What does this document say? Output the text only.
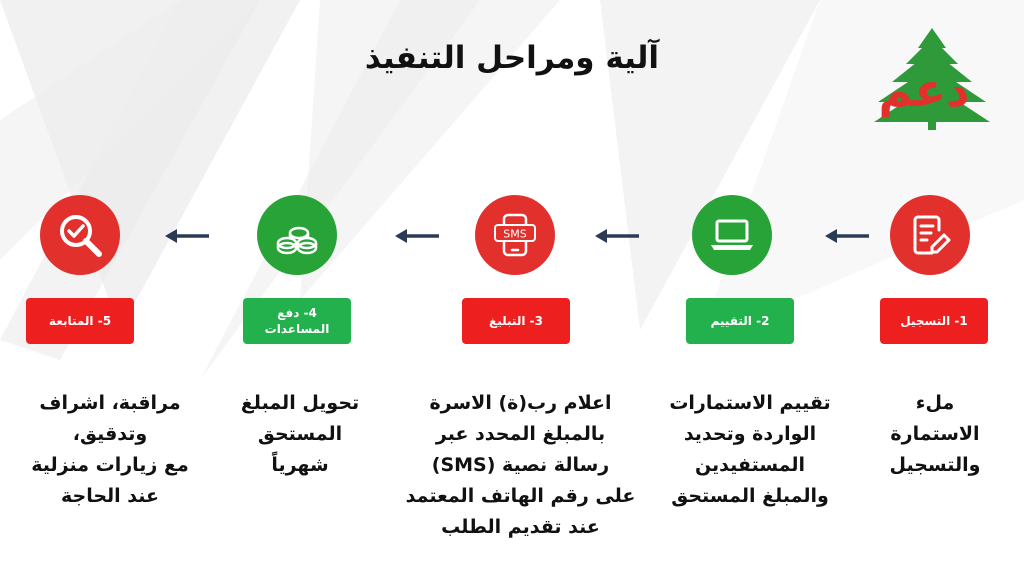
آلية ومراحل التنفيذ
دعم
SMS
5- المتابعة
4- دفع
المساعدات
3- التبليغ	2- التقييم	1- التسجيل
مراقبة، اشراف
وتدقيق،
مع زيارات منزلية
عند الحاجة
تحويل المبلغ
المستحق
شهرياً
اعلام رب(ة) الاسرة
بالمبلغ المحدد عبر
رسالة نصية (SMS)
على رقم الهاتف المعتمد
عند تقديم الطلب
تقييم الاستمارات
الواردة وتحديد
المستفيدين
والمبلغ المستحق
ملء
الاستمارة
والتسجيل
